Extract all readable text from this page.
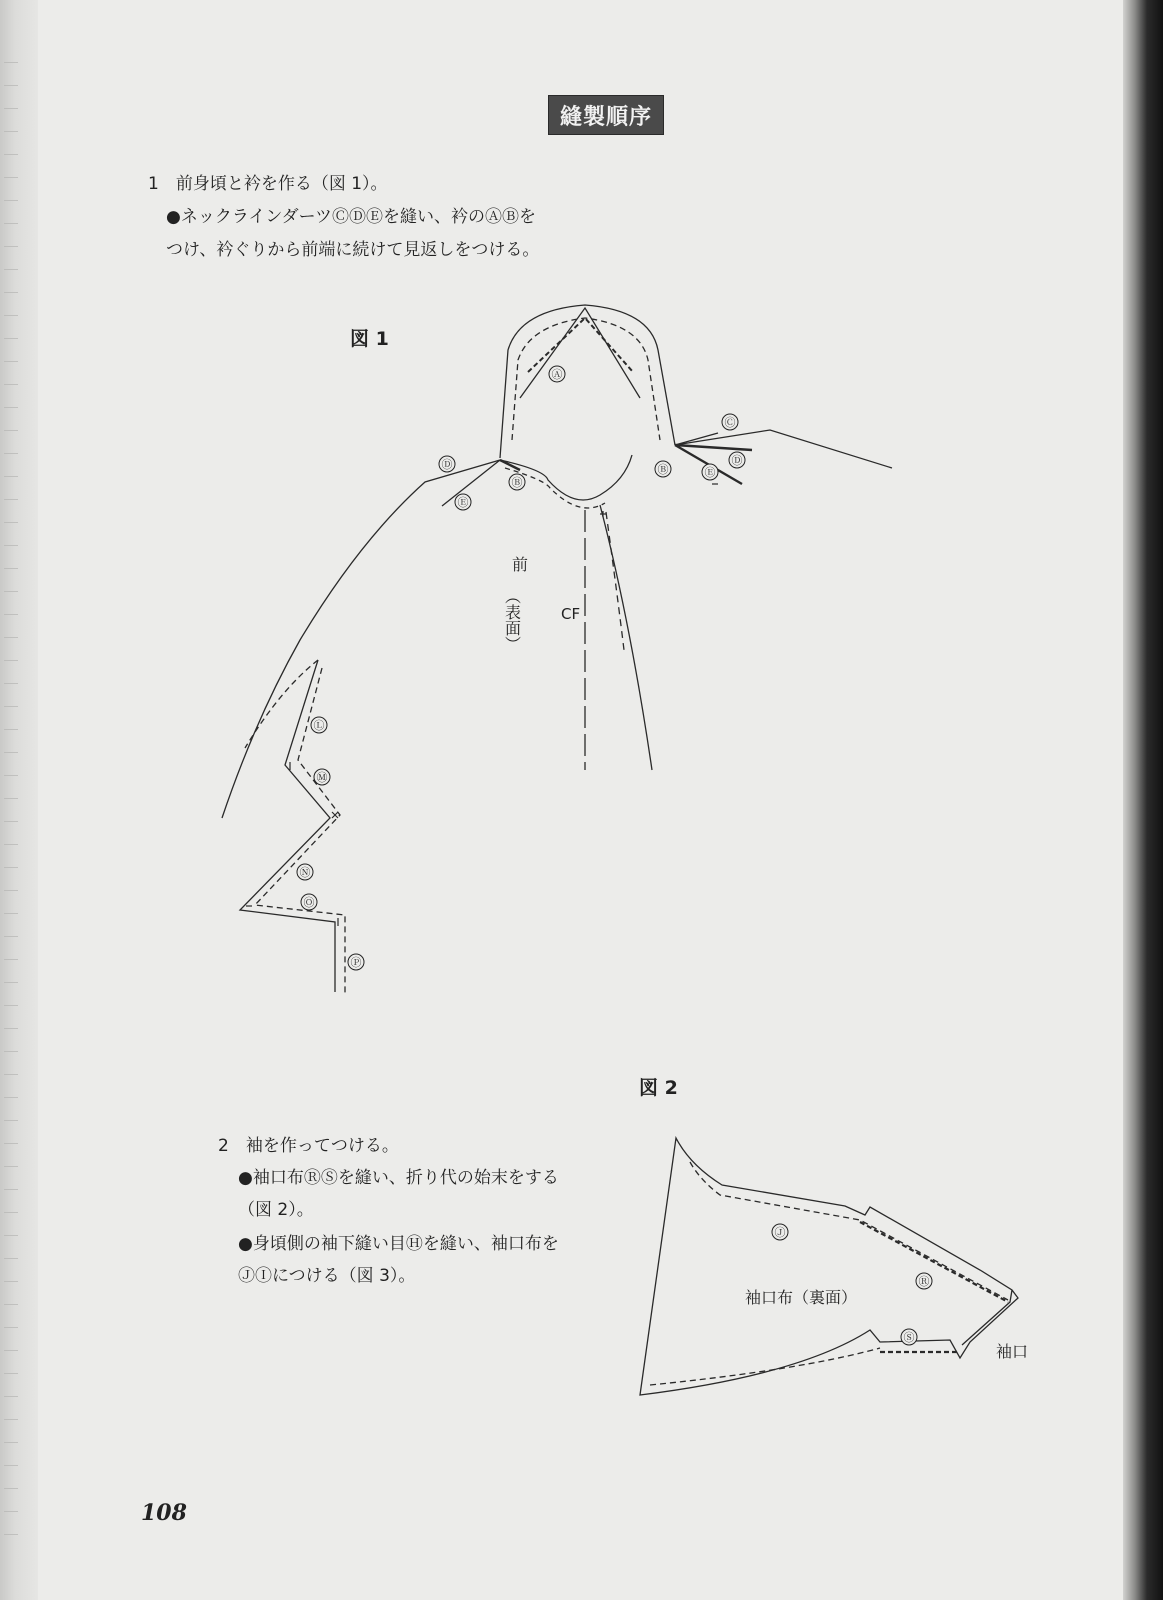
縫製順序
1　前身頃と衿を作る（図 1）。
●ネックラインダーツⒸⒹⒺを縫い、衿のⒶⒷを
つけ、衿ぐりから前端に続けて見返しをつける。
図 1
図 2
2　袖を作ってつける。
●袖口布ⓇⓈを縫い、折り代の始末をする
（図 2）。
●身頃側の袖下縫い目Ⓗを縫い、袖口布を
ⒿⒾにつける（図 3）。
108
Ⓐ
Ⓑ
Ⓑ
Ⓒ
Ⓓ	Ⓓ
Ⓔ
Ⓔ
Ⓛ
Ⓜ
Ⓝ
Ⓞ
Ⓟ
前
（表面）	CF
Ⓙ
Ⓡ
Ⓢ
袖口布（裏面）
袖口
